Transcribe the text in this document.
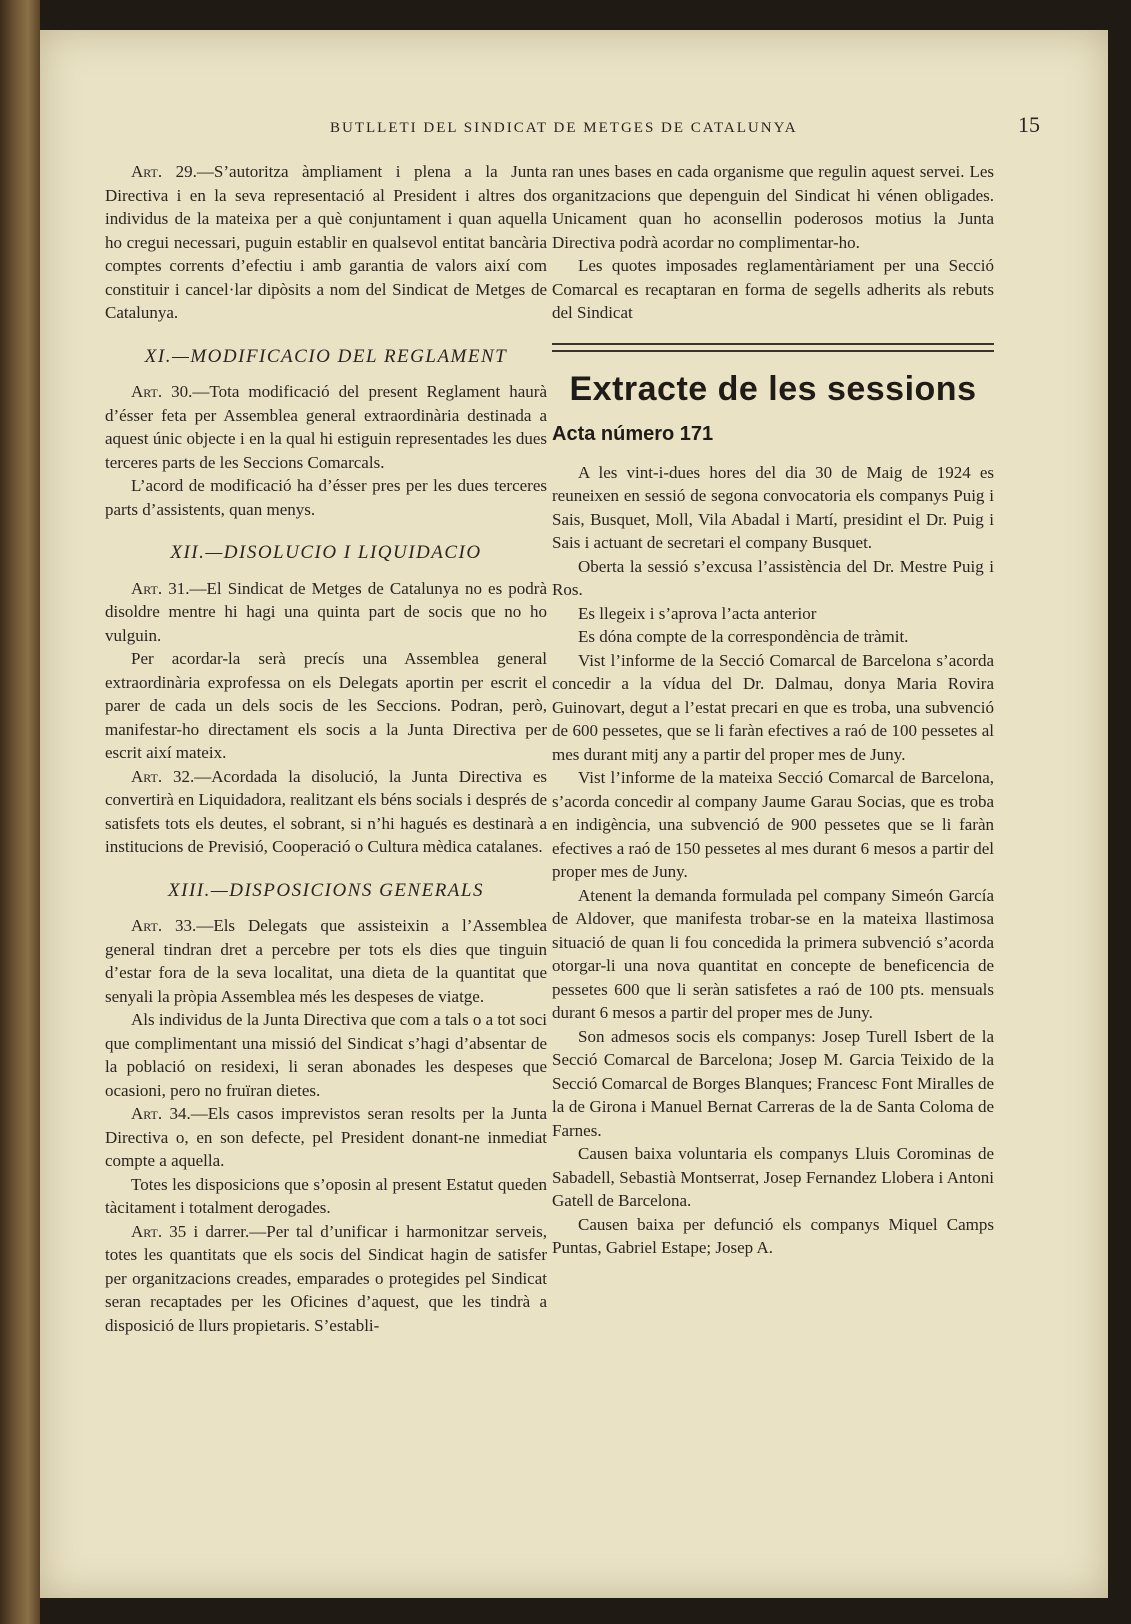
BUTLLETI DEL SINDICAT DE METGES DE CATALUNYA	15

Art. 29.—S’autoritza àmpliament i plena a la Junta Directiva i en la seva representació al President i altres dos individus de la mateixa per a què conjuntament i quan aquella ho cregui necessari, puguin establir en qualsevol entitat bancària comptes corrents d’efectiu i amb garantia de valors així com constituir i cancel·lar dipòsits a nom del Sindicat de Metges de Catalunya.

XI.—MODIFICACIO DEL REGLAMENT

Art. 30.—Tota modificació del present Reglament haurà d’ésser feta per Assemblea general extraordinària destinada a aquest únic objecte i en la qual hi estiguin representades les dues terceres parts de les Seccions Comarcals.

L’acord de modificació ha d’ésser pres per les dues terceres parts d’assistents, quan menys.

XII.—DISOLUCIO I LIQUIDACIO

Art. 31.—El Sindicat de Metges de Catalunya no es podrà disoldre mentre hi hagi una quinta part de socis que no ho vulguin.

Per acordar-la serà precís una Assemblea general extraordinària exprofessa on els Delegats aportin per escrit el parer de cada un dels socis de les Seccions. Podran, però, manifestar-ho directament els socis a la Junta Directiva per escrit així mateix.

Art. 32.—Acordada la disolució, la Junta Directiva es convertirà en Liquidadora, realitzant els béns socials i després de satisfets tots els deutes, el sobrant, si n’hi hagués es destinarà a institucions de Previsió, Cooperació o Cultura mèdica catalanes.

XIII.—DISPOSICIONS GENERALS

Art. 33.—Els Delegats que assisteixin a l’Assemblea general tindran dret a percebre per tots els dies que tinguin d’estar fora de la seva localitat, una dieta de la quantitat que senyali la pròpia Assemblea més les despeses de viatge.

Als individus de la Junta Directiva que com a tals o a tot soci que complimentant una missió del Sindicat s’hagi d’absentar de la població on residexi, li seran abonades les despeses que ocasioni, pero no fruïran dietes.

Art. 34.—Els casos imprevistos seran resolts per la Junta Directiva o, en son defecte, pel President donant-ne inmediat compte a aquella.

Totes les disposicions que s’oposin al present Estatut queden tàcitament i totalment derogades.

Art. 35 i darrer.—Per tal d’unificar i harmonitzar serveis, totes les quantitats que els socis del Sindicat hagin de satisfer per organitzacions creades, emparades o protegides pel Sindicat seran recaptades per les Oficines d’aquest, que les tindrà a disposició de llurs propietaris. S’establi-

ran unes bases en cada organisme que regulin aquest servei. Les organitzacions que depenguin del Sindicat hi vénen obligades. Unicament quan ho aconsellin poderosos motius la Junta Directiva podrà acordar no complimentar-ho.

Les quotes imposades reglamentàriament per una Secció Comarcal es recaptaran en forma de segells adherits als rebuts del Sindicat

Extracte de les sessions
Acta número 171

A les vint-i-dues hores del dia 30 de Maig de 1924 es reuneixen en sessió de segona convocatoria els companys Puig i Sais, Busquet, Moll, Vila Abadal i Martí, presidint el Dr. Puig i Sais i actuant de secretari el company Busquet.

Oberta la sessió s’excusa l’assistència del Dr. Mestre Puig i Ros.

Es llegeix i s’aprova l’acta anterior

Es dóna compte de la correspondència de tràmit.

Vist l’informe de la Secció Comarcal de Barcelona s’acorda concedir a la vídua del Dr. Dalmau, donya Maria Rovira Guinovart, degut a l’estat precari en que es troba, una subvenció de 600 pessetes, que se li faràn efectives a raó de 100 pessetes al mes durant mitj any a partir del proper mes de Juny.

Vist l’informe de la mateixa Secció Comarcal de Barcelona, s’acorda concedir al company Jaume Garau Socias, que es troba en indigència, una subvenció de 900 pessetes que se li faràn efectives a raó de 150 pessetes al mes durant 6 mesos a partir del proper mes de Juny.

Atenent la demanda formulada pel company Simeón García de Aldover, que manifesta trobar-se en la mateixa llastimosa situació de quan li fou concedida la primera subvenció s’acorda otorgar-li una nova quantitat en concepte de beneficencia de pessetes 600 que li seràn satisfetes a raó de 100 pts. mensuals durant 6 mesos a partir del proper mes de Juny.

Son admesos socis els companys: Josep Turell Isbert de la Secció Comarcal de Barcelona; Josep M. Garcia Teixido de la Secció Comarcal de Borges Blanques; Francesc Font Miralles de la de Girona i Manuel Bernat Carreras de la de Santa Coloma de Farnes.

Causen baixa voluntaria els companys Lluis Corominas de Sabadell, Sebastià Montserrat, Josep Fernandez Llobera i Antoni Gatell de Barcelona.

Causen baixa per defunció els companys Miquel Camps Puntas, Gabriel Estape; Josep A.
